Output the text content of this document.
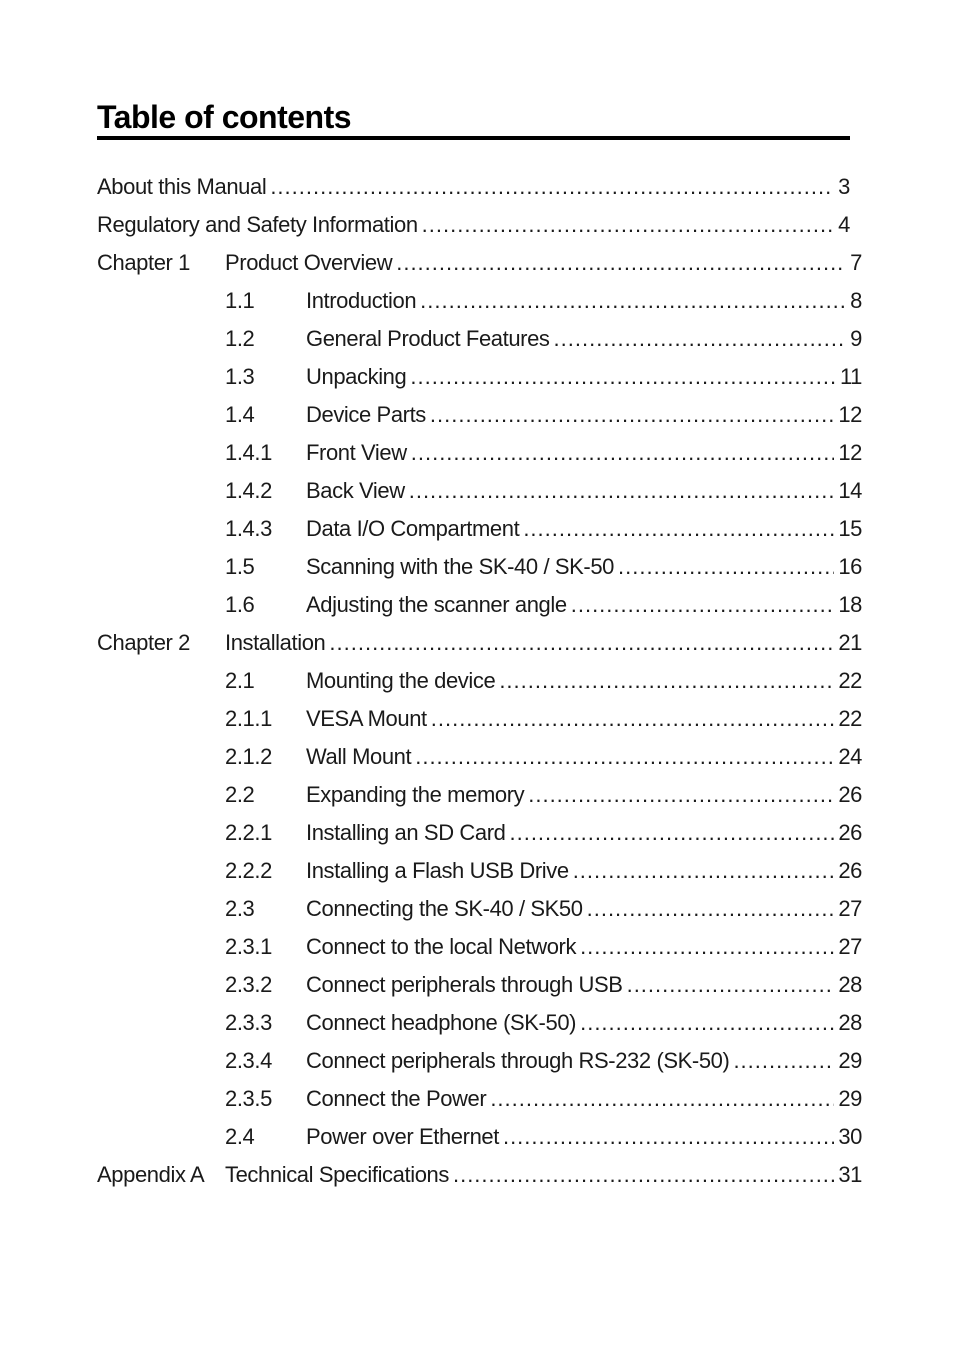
Table of contents
About this Manual .....	3
Regulatory and Safety Information .....	4
Chapter 1	Product Overview .....	7
1.1	Introduction .....	8
1.2	General Product Features .....	9
1.3	Unpacking .....	11
1.4	Device Parts .....	12
1.4.1	Front View .....	12
1.4.2	Back View .....	14
1.4.3	Data I/O Compartment .....	15
1.5	Scanning with the SK-40 / SK-50 .....	16
1.6	Adjusting the scanner angle .....	18
Chapter 2	Installation .....	21
2.1	Mounting the device .....	22
2.1.1	VESA Mount .....	22
2.1.2	Wall Mount .....	24
2.2	Expanding the memory .....	26
2.2.1	Installing an SD Card .....	26
2.2.2	Installing a Flash USB Drive .....	26
2.3	Connecting the SK-40 / SK50 .....	27
2.3.1	Connect to the local Network .....	27
2.3.2	Connect peripherals through USB .....	28
2.3.3	Connect headphone (SK-50) .....	28
2.3.4	Connect peripherals through RS-232 (SK-50) .....	29
2.3.5	Connect the Power .....	29
2.4	Power over Ethernet .....	30
Appendix A Technical Specifications .....	31
